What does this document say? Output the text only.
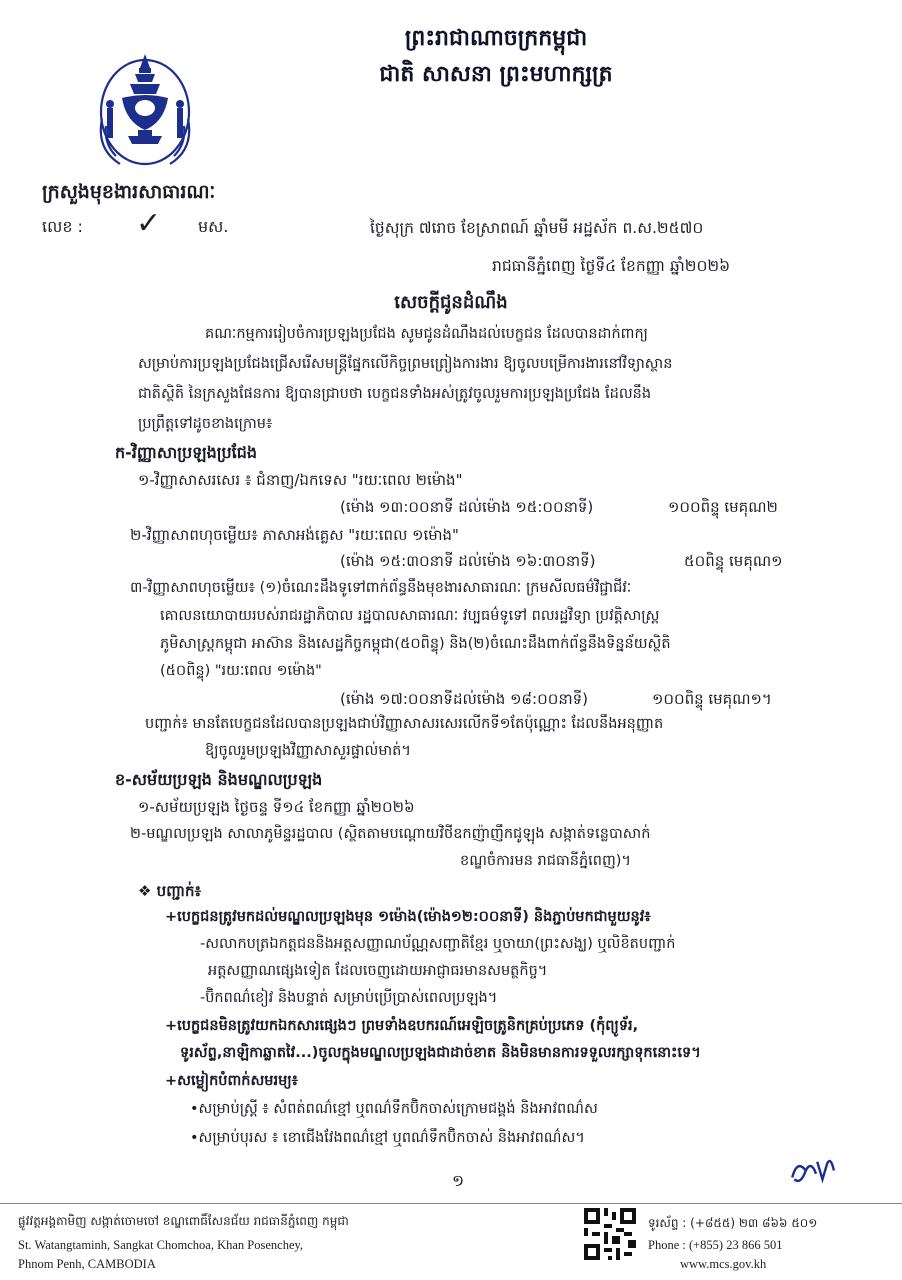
ព្រះរាជាណាចក្រកម្ពុជា
ជាតិ សាសនា ព្រះមហាក្សត្រ
ក្រសួងមុខងារសាធារណៈ
លេខ : ✓ មស.	ថ្ងៃសុក្រ ៧រោច ខែស្រាពណ៍ ឆ្នាំមមី អដ្ឋស័ក ព.ស.២៥៧០
រាជធានីភ្នំពេញ ថ្ងៃទី៤ ខែកញ្ញា ឆ្នាំ២០២៦
សេចក្តីជូនដំណឹង
គណៈកម្មការរៀបចំការប្រឡងប្រជែង សូមជូនដំណឹងដល់បេក្ខជន ដែលបានដាក់ពាក្យ
សម្រាប់ការប្រឡងប្រជែងជ្រើសរើសមន្ត្រីផ្នែកលើកិច្ចព្រមព្រៀងការងារ ឱ្យចូលបម្រើការងារនៅវិទ្យាស្ថាន
ជាតិស្ថិតិ នៃក្រសួងផែនការ ឱ្យបានជ្រាបថា បេក្ខជនទាំងអស់ត្រូវចូលរួមការប្រឡងប្រជែង ដែលនឹង
ប្រព្រឹត្តទៅដូចខាងក្រោម៖
ក-វិញ្ញាសាប្រឡងប្រជែង
១-វិញ្ញាសាសរសេរ ៖ ជំនាញ/ឯកទេស "រយៈពេល ២ម៉ោង"
(ម៉ោង ១៣:០០នាទី ដល់ម៉ោង ១៥:០០នាទី)	១០០ពិន្ទុ មេគុណ២
២-វិញ្ញាសាពហុចម្លើយ៖ ភាសាអង់គ្លេស "រយៈពេល ១ម៉ោង"
(ម៉ោង ១៥:៣០នាទី ដល់ម៉ោង ១៦:៣០នាទី)	៥០ពិន្ទុ មេគុណ១
៣-វិញ្ញាសាពហុចម្លើយ៖ (១)ចំណេះដឹងទូទៅពាក់ព័ន្ធនឹងមុខងារសាធារណៈ ក្រមសីលធម៌វិជ្ជាជីវៈ
គោលនយោបាយរបស់រាជរដ្ឋាភិបាល រដ្ឋបាលសាធារណៈ វប្បធម៌ទូទៅ ពលរដ្ឋវិទ្យា ប្រវត្តិសាស្ត្រ
ភូមិសាស្ត្រកម្ពុជា អាស៊ាន និងសេដ្ឋកិច្ចកម្ពុជា(៥០ពិន្ទុ) និង(២)ចំណេះដឹងពាក់ព័ន្ធនឹងទិន្នន័យស្ថិតិ
(៥០ពិន្ទុ) "រយៈពេល ១ម៉ោង"
(ម៉ោង ១៧:០០នាទីដល់ម៉ោង ១៨:០០នាទី)	១០០ពិន្ទុ មេគុណ១។
បញ្ជាក់៖ មានតែបេក្ខជនដែលបានប្រឡងជាប់វិញ្ញាសាសរសេរលើកទី១តែប៉ុណ្ណោះ ដែលនឹងអនុញ្ញាត
ឱ្យចូលរួមប្រឡងវិញ្ញាសាសួរផ្ទាល់មាត់។
ខ-សម័យប្រឡង និងមណ្ឌលប្រឡង
១-សម័យប្រឡង ថ្ងៃចន្ទ ទី១៤ ខែកញ្ញា ឆ្នាំ២០២៦
២-មណ្ឌលប្រឡង សាលាភូមិន្ទរដ្ឋបាល (ស្ថិតតាមបណ្តោយវិថីឧកញ៉ាញឹកជូឡុង សង្កាត់ទន្លេបាសាក់
ខណ្ឌចំការមន រាជធានីភ្នំពេញ)។
❖ បញ្ជាក់៖
+បេក្ខជនត្រូវមកដល់មណ្ឌលប្រឡងមុន ១ម៉ោង(ម៉ោង១២:០០នាទី) និងភ្ជាប់មកជាមួយនូវ៖
-សលាកបត្រឯកត្តជននិងអត្តសញ្ញាណប័ណ្ណសញ្ជាតិខ្មែរ ឬចាយា(ព្រះសង្ឃ) ឬលិខិតបញ្ជាក់
អត្តសញ្ញាណផ្សេងទៀត ដែលចេញដោយអាជ្ញាធរមានសមត្ថកិច្ច។
-ប៊ិកពណ៌ខៀវ និងបន្ទាត់ សម្រាប់ប្រើប្រាស់ពេលប្រឡង។
+បេក្ខជនមិនត្រូវយកឯកសារផ្សេងៗ ព្រមទាំងឧបករណ៍អេឡិចត្រូនិកគ្រប់ប្រភេទ (កុំព្យូទ័រ,
ទូរស័ព្ទ,នាឡិកាឆ្លាតវៃ...)ចូលក្នុងមណ្ឌលប្រឡងជាដាច់ខាត និងមិនមានការទទួលរក្សាទុកនោះទេ។
+សម្លៀកបំពាក់សមរម្យ៖
•សម្រាប់ស្ត្រី ៖ សំពត់ពណ៌ខ្មៅ ឬពណ៌ទឹកប៊ិកចាស់ក្រោមជង្គង់ និងអាវពណ៌ស
•សម្រាប់បុរស ៖ ខោជើងវែងពណ៌ខ្មៅ ឬពណ៌ទឹកប៊ិកចាស់ និងអាវពណ៌ស។
១
ផ្លូវវត្តអង្គតាមិញ សង្កាត់ចោមចៅ ខណ្ឌពោធិ៍សែនជ័យ រាជធានីភ្នំពេញ កម្ពុជា
St. Watangtaminh, Sangkat Chomchoa, Khan Posenchey,
Phnom Penh, CAMBODIA
ទូរស័ព្ទ : (+៨៥៥) ២៣ ៨៦៦ ៥០១
Phone : (+855) 23 866 501
www.mcs.gov.kh
